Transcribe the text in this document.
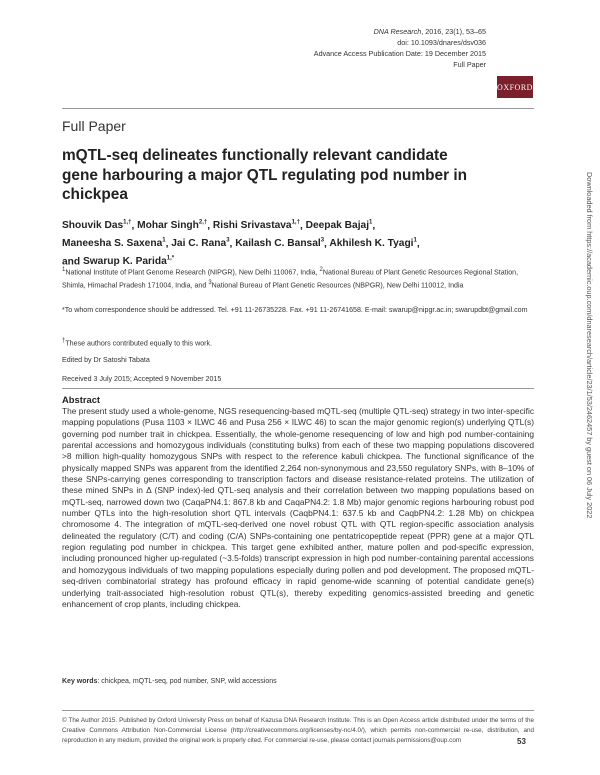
DNA Research, 2016, 23(1), 53–65
doi: 10.1093/dnares/dsv036
Advance Access Publication Date: 19 December 2015
Full Paper
OXFORD
Full Paper
mQTL-seq delineates functionally relevant candidate gene harbouring a major QTL regulating pod number in chickpea
Shouvik Das$^{1,\dagger}$, Mohar Singh$^{2,\dagger}$, Rishi Srivastava$^{1,\dagger}$, Deepak Bajaj$^1$,
Maneesha S. Saxena$^1$, Jai C. Rana$^3$, Kailash C. Bansal$^3$, Akhilesh K. Tyagi$^1$,
and Swarup K. Parida$^{1,*}$
$^1$National Institute of Plant Genome Research (NIPGR), New Delhi 110067, India, $^2$National Bureau of Plant Genetic Resources Regional Station, Shimla, Himachal Pradesh 171004, India, and $^3$National Bureau of Plant Genetic Resources (NBPGR), New Delhi 110012, India
*To whom correspondence should be addressed. Tel. +91 11-26735228. Fax. +91 11-26741658. E-mail: swarup@nipgr.ac.in; swarupdbt@gmail.com
†These authors contributed equally to this work.
Edited by Dr Satoshi Tabata
Received 3 July 2015; Accepted 9 November 2015
Abstract
The present study used a whole-genome, NGS resequencing-based mQTL-seq (multiple QTL-seq) strategy in two inter-specific mapping populations (Pusa 1103 × ILWC 46 and Pusa 256 × ILWC 46) to scan the major genomic region(s) underlying QTL(s) governing pod number trait in chickpea. Essentially, the whole-genome resequencing of low and high pod number-containing parental accessions and homozygous individuals (constituting bulks) from each of these two mapping populations discovered >8 million high-quality homozygous SNPs with respect to the reference kabuli chickpea. The functional significance of the physically mapped SNPs was apparent from the identified 2,264 non-synonymous and 23,550 regulatory SNPs, with 8–10% of these SNPs-carrying genes corresponding to transcription factors and disease resistance-related proteins. The utilization of these mined SNPs in Δ (SNP index)-led QTL-seq analysis and their correlation between two mapping populations based on mQTL-seq, narrowed down two (CaqaPN4.1: 867.8 kb and CaqaPN4.2: 1.8 Mb) major genomic regions harbouring robust pod number QTLs into the high-resolution short QTL intervals (CaqbPN4.1: 637.5 kb and CaqbPN4.2: 1.28 Mb) on chickpea chromosome 4. The integration of mQTL-seq-derived one novel robust QTL with QTL region-specific association analysis delineated the regulatory (C/T) and coding (C/A) SNPs-containing one pentatricopeptide repeat (PPR) gene at a major QTL region regulating pod number in chickpea. This target gene exhibited anther, mature pollen and pod-specific expression, including pronounced higher up-regulated (~3.5-folds) transcript expression in high pod number-containing parental accessions and homozygous individuals of two mapping populations especially during pollen and pod development. The proposed mQTL-seq-driven combinatorial strategy has profound efficacy in rapid genome-wide scanning of potential candidate gene(s) underlying trait-associated high-resolution robust QTL(s), thereby expediting genomics-assisted breeding and genetic enhancement of crop plants, including chickpea.
Key words: chickpea, mQTL-seq, pod number, SNP, wild accessions
© The Author 2015. Published by Oxford University Press on behalf of Kazusa DNA Research Institute. This is an Open Access article distributed under the terms of the Creative Commons Attribution Non-Commercial License (http://creativecommons.org/licenses/by-nc/4.0/), which permits non-commercial re-use, distribution, and reproduction in any medium, provided the original work is properly cited. For commercial re-use, please contact journals.permissions@oup.com	53
Downloaded from https://academic.oup.com/dnaresearch/article/23/1/53/2462457 by guest on 06 July 2022
